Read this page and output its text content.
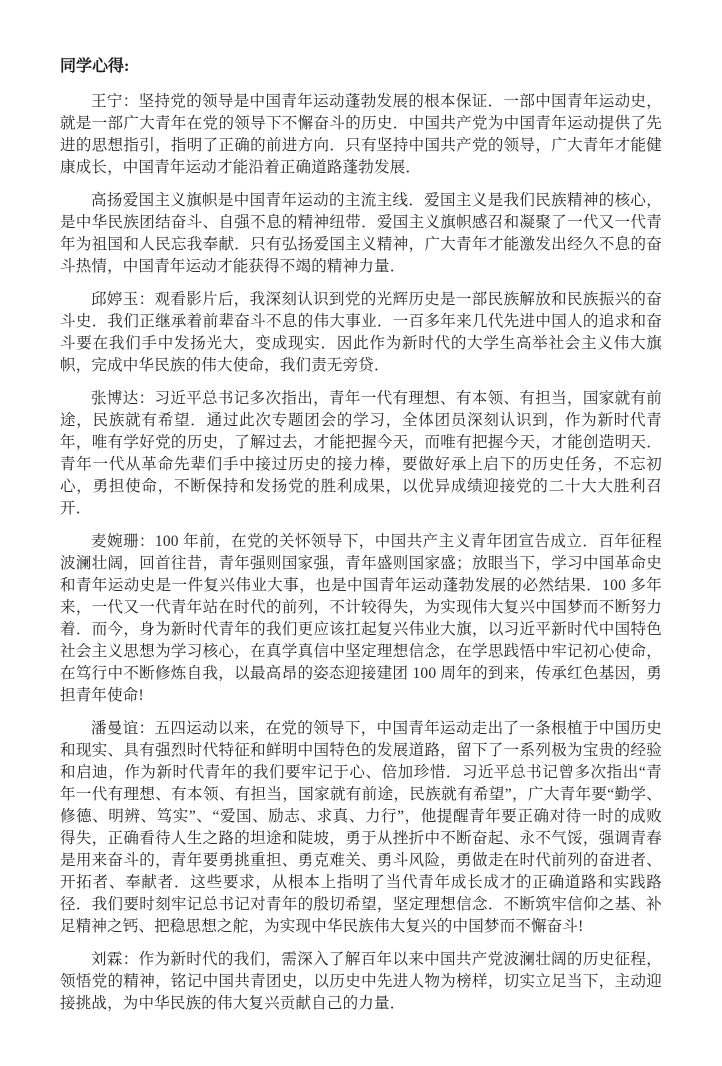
同学心得:

王宁：坚持党的领导是中国青年运动蓬勃发展的根本保证．一部中国青年运动史，就是一部广大青年在党的领导下不懈奋斗的历史．中国共产党为中国青年运动提供了先进的思想指引，指明了正确的前进方向．只有坚持中国共产党的领导，广大青年才能健康成长，中国青年运动才能沿着正确道路蓬勃发展．

高扬爱国主义旗帜是中国青年运动的主流主线．爱国主义是我们民族精神的核心，是中华民族团结奋斗、自强不息的精神纽带．爱国主义旗帜感召和凝聚了一代又一代青年为祖国和人民忘我奉献．只有弘扬爱国主义精神，广大青年才能激发出经久不息的奋斗热情，中国青年运动才能获得不竭的精神力量．

邱婷玉：观看影片后，我深刻认识到党的光辉历史是一部民族解放和民族振兴的奋斗史．我们正继承着前辈奋斗不息的伟大事业．一百多年来几代先进中国人的追求和奋斗要在我们手中发扬光大，变成现实．因此作为新时代的大学生高举社会主义伟大旗帜，完成中华民族的伟大使命，我们责无旁贷．

张博达：习近平总书记多次指出，青年一代有理想、有本领、有担当，国家就有前途，民族就有希望．通过此次专题团会的学习，全体团员深刻认识到，作为新时代青年，唯有学好党的历史，了解过去，才能把握今天，而唯有把握今天，才能创造明天．青年一代从革命先辈们手中接过历史的接力棒，要做好承上启下的历史任务，不忘初心，勇担使命，不断保持和发扬党的胜利成果，以优异成绩迎接党的二十大大胜利召开．

麦婉珊：100 年前，在党的关怀领导下，中国共产主义青年团宣告成立．百年征程波澜壮阔，回首往昔，青年强则国家强，青年盛则国家盛；放眼当下，学习中国革命史和青年运动史是一件复兴伟业大事，也是中国青年运动蓬勃发展的必然结果．100 多年来，一代又一代青年站在时代的前列，不计较得失，为实现伟大复兴中国梦而不断努力着．而今，身为新时代青年的我们更应该扛起复兴伟业大旗，以习近平新时代中国特色社会主义思想为学习核心，在真学真信中坚定理想信念，在学思践悟中牢记初心使命，在笃行中不断修炼自我，以最高昂的姿态迎接建团 100 周年的到来，传承红色基因，勇担青年使命!

潘曼谊：五四运动以来，在党的领导下，中国青年运动走出了一条根植于中国历史和现实、具有强烈时代特征和鲜明中国特色的发展道路，留下了一系列极为宝贵的经验和启迪，作为新时代青年的我们要牢记于心、倍加珍惜．习近平总书记曾多次指出“青年一代有理想、有本领、有担当，国家就有前途，民族就有希望”，广大青年要“勤学、修德、明辨、笃实”、“爱国、励志、求真、力行”，他提醒青年要正确对待一时的成败得失，正确看待人生之路的坦途和陡坡，勇于从挫折中不断奋起、永不气馁，强调青春是用来奋斗的，青年要勇挑重担、勇克难关、勇斗风险，勇做走在时代前列的奋进者、开拓者、奉献者．这些要求，从根本上指明了当代青年成长成才的正确道路和实践路径．我们要时刻牢记总书记对青年的殷切希望，坚定理想信念．不断筑牢信仰之基、补足精神之钙、把稳思想之舵，为实现中华民族伟大复兴的中国梦而不懈奋斗!

刘霖：作为新时代的我们，需深入了解百年以来中国共产党波澜壮阔的历史征程，领悟党的精神，铭记中国共青团史，以历史中先进人物为榜样，切实立足当下，主动迎接挑战，为中华民族的伟大复兴贡献自己的力量．
